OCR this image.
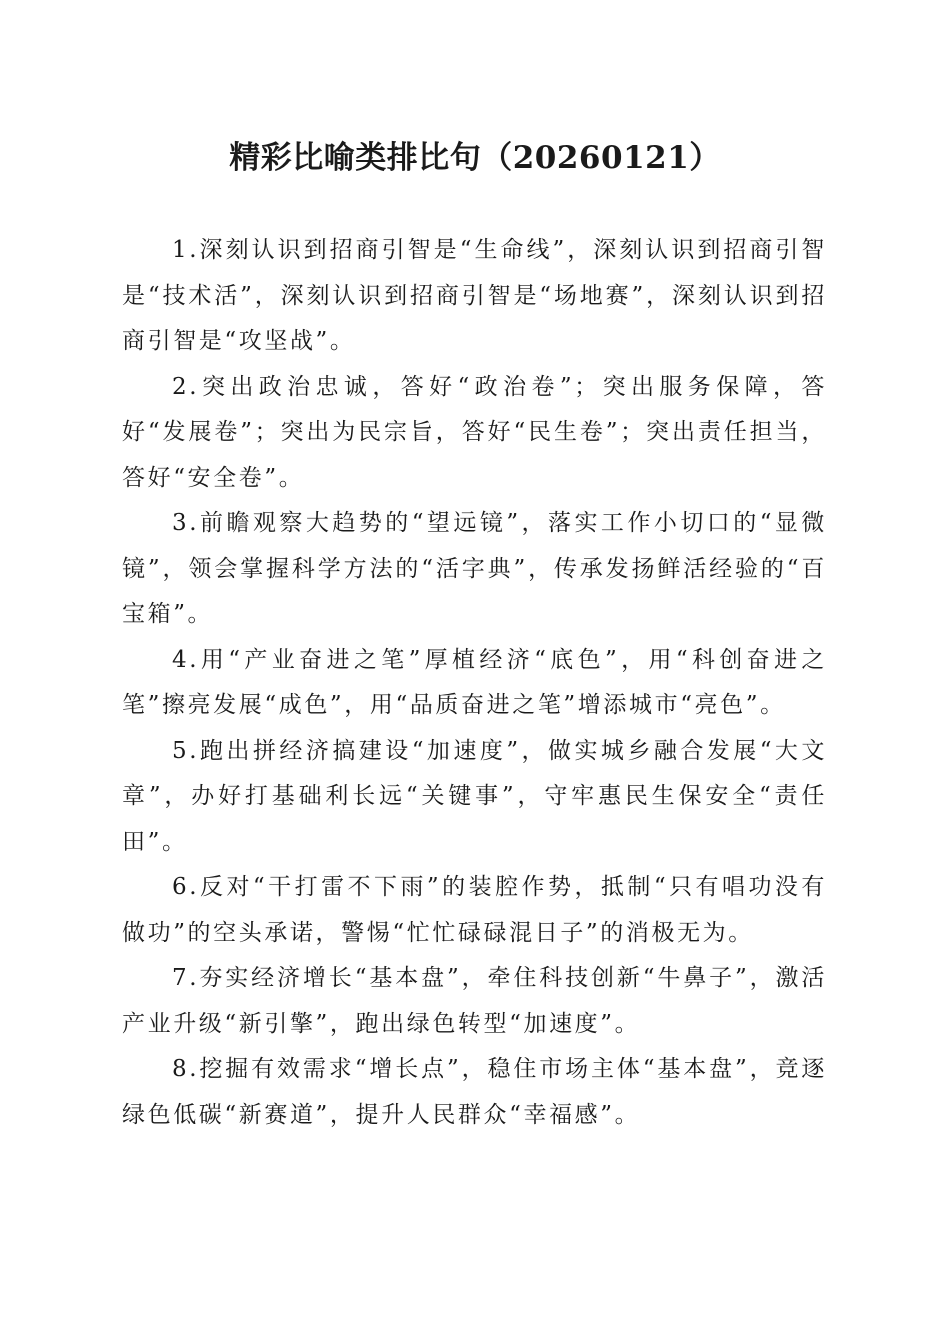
精彩比喻类排比句（20260121）

1.深刻认识到招商引智是“生命线”，深刻认识到招商引智是“技术活”，深刻认识到招商引智是“场地赛”，深刻认识到招商引智是“攻坚战”。

2.突出政治忠诚，答好“政治卷”；突出服务保障，答好“发展卷”；突出为民宗旨，答好“民生卷”；突出责任担当，答好“安全卷”。

3.前瞻观察大趋势的“望远镜”，落实工作小切口的“显微镜”，领会掌握科学方法的“活字典”，传承发扬鲜活经验的“百宝箱”。

4.用“产业奋进之笔”厚植经济“底色”，用“科创奋进之笔”擦亮发展“成色”，用“品质奋进之笔”增添城市“亮色”。

5.跑出拼经济搞建设“加速度”，做实城乡融合发展“大文章”，办好打基础利长远“关键事”，守牢惠民生保安全“责任田”。

6.反对“干打雷不下雨”的装腔作势，抵制“只有唱功没有做功”的空头承诺，警惕“忙忙碌碌混日子”的消极无为。

7.夯实经济增长“基本盘”，牵住科技创新“牛鼻子”，激活产业升级“新引擎”，跑出绿色转型“加速度”。

8.挖掘有效需求“增长点”，稳住市场主体“基本盘”，竞逐绿色低碳“新赛道”，提升人民群众“幸福感”。
